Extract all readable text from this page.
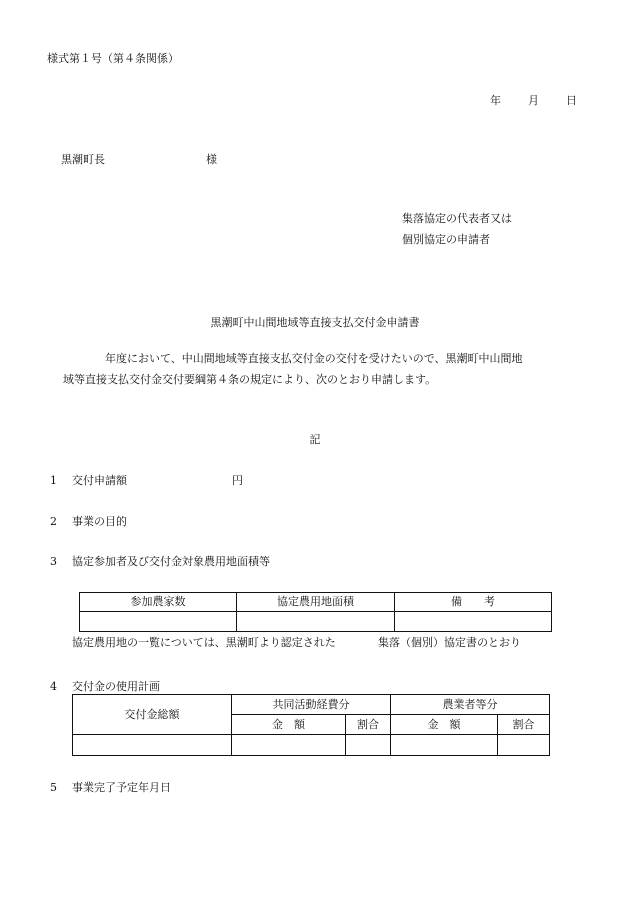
様式第１号（第４条関係）
年 月 日
黒潮町長	様
集落協定の代表者又は
個別協定の申請者
黒潮町中山間地域等直接支払交付金申請書
年度において、中山間地域等直接支払交付金の交付を受けたいので、黒潮町中山間地
域等直接支払交付金交付要綱第４条の規定により、次のとおり申請します。
記
1	交付申請額	円
2	事業の目的
3	協定参加者及び交付金対象農用地面積等
参加農家数	協定農用地面積	備　　考

協定農用地の一覧については、黒潮町より認定された	集落（個別）協定書のとおり
4	交付金の使用計画
交付金総額	共同活動経費分		農業者等分	
	金　額	割合	金　額	割合

5	事業完了予定年月日
